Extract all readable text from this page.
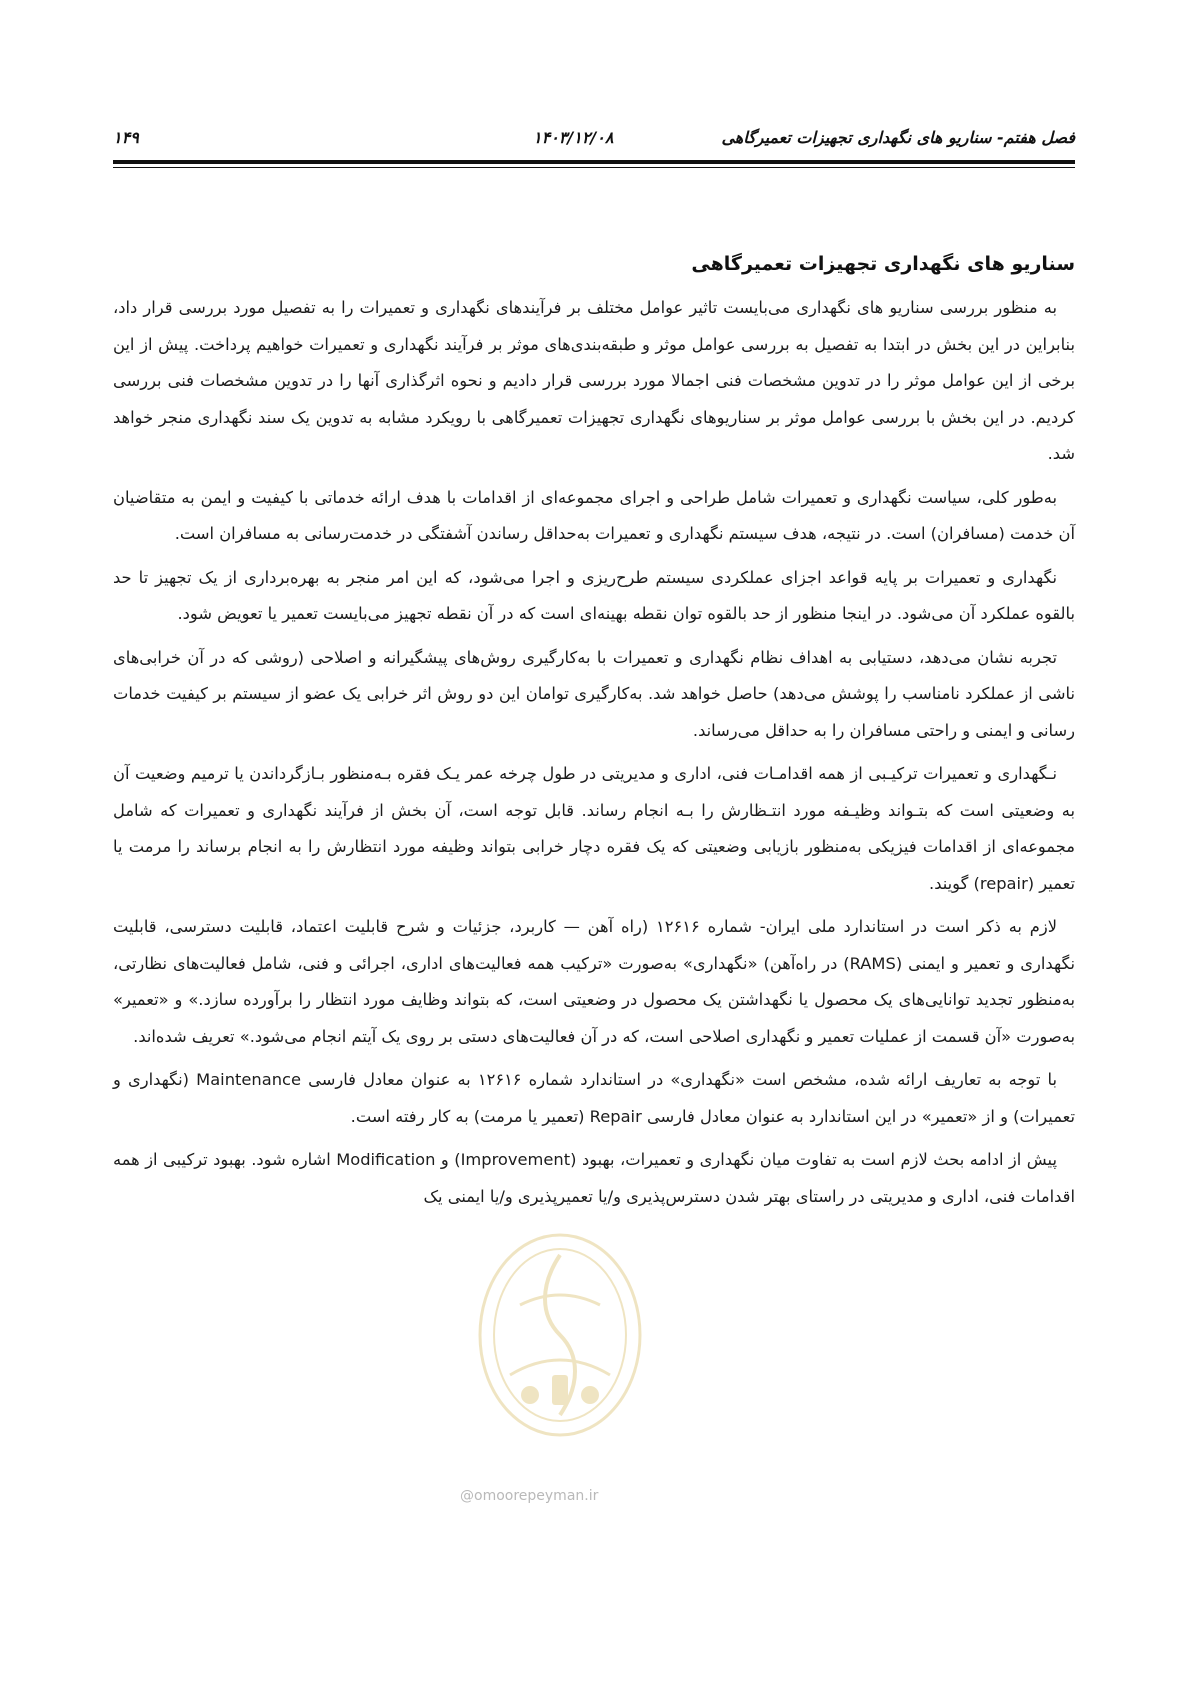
فصل هفتم- سناریو های نگهداری تجهیزات تعمیرگاهی
۱۴۰۳/۱۲/۰۸
۱۴۹
سناریو های نگهداری تجهیزات تعمیرگاهی

به منظور بررسی سناریو های نگهداری می‌بایست تاثیر عوامل مختلف بر فرآیندهای نگهداری و تعمیرات را به تفصیل مورد بررسی قرار داد، بنابراین در این بخش در ابتدا به تفصیل به بررسی عوامل موثر و طبقه‌بندی‌های موثر بر فرآیند نگهداری و تعمیرات خواهیم پرداخت. پیش از این برخی از این عوامل موثر را در تدوین مشخصات فنی اجمالا مورد بررسی قرار دادیم و نحوه اثرگذاری آنها را در تدوین مشخصات فنی بررسی کردیم. در این بخش با بررسی عوامل موثر بر سناریوهای نگهداری تجهیزات تعمیرگاهی با رویکرد مشابه به تدوین یک سند نگهداری منجر خواهد شد.

به‌طور کلی، سیاست نگهداری و تعمیرات شامل طراحی و اجرای مجموعه‌ای از اقدامات با هدف ارائه خدماتی با کیفیت و ایمن به متقاضیان آن خدمت (مسافران) است. در نتیجه، هدف سیستم نگهداری و تعمیرات به‌حداقل رساندن آشفتگی در خدمت‌رسانی به مسافران است.

نگهداری و تعمیرات بر پایه قواعد اجزای عملکردی سیستم طرح‌ریزی و اجرا می‌شود، که این امر منجر به بهره‌برداری از یک تجهیز تا حد بالقوه عملکرد آن می‌شود. در اینجا منظور از حد بالقوه توان نقطه بهینه‌ای است که در آن نقطه تجهیز می‌بایست تعمیر یا تعویض شود.

تجربه نشان می‌دهد، دستیابی به اهداف نظام نگهداری و تعمیرات با به‌کارگیری روش‌های پیشگیرانه و اصلاحی (روشی که در آن خرابی‌های ناشی از عملکرد نامناسب را پوشش می‌دهد) حاصل خواهد شد. به‌کارگیری توامان این دو روش اثر خرابی یک عضو از سیستم بر کیفیت خدمات رسانی و ایمنی و راحتی مسافران را به حداقل می‌رساند.

نـگهداری و تعمیرات ترکیـبی از همه اقدامـات فنی، اداری و مدیریتی در طول چرخه عمر یـک فقره بـه‌منظور بـازگرداندن یا ترمیم وضعیت آن به وضعیتی است که بتـواند وظیـفه مورد انتـظارش را بـه انجام رساند. قابل توجه است، آن بخش از فرآیند نگهداری و تعمیرات که شامل مجموعه‌ای از اقدامات فیزیکی به‌منظور بازیابی وضعیتی که یک فقره دچار خرابی بتواند وظیفه مورد انتظارش را به انجام برساند را مرمت یا تعمیر (repair) گویند.

لازم به ذکر است در استاندارد ملی ایران- شماره ۱۲۶۱۶ (راه آهن — کاربرد، جزئیات و شرح قابلیت اعتماد، قابلیت دسترسی، قابلیت نگهداری و تعمیر و ایمنی (RAMS) در راه‌آهن) «نگهداری» به‌صورت «ترکیب همه فعالیت‌های اداری، اجرائی و فنی، شامل فعالیت‌های نظارتی، به‌منظور تجدید توانایی‌های یک محصول یا نگهداشتن یک محصول در وضعیتی است، که بتواند وظایف مورد انتظار را برآورده سازد.» و «تعمیر» به‌صورت «آن قسمت از عملیات تعمیر و نگهداری اصلاحی است، که در آن فعالیت‌های دستی بر روی یک آیتم انجام می‌شود.» تعریف شده‌اند.

با توجه به تعاریف ارائه شده، مشخص است «نگهداری» در استاندارد شماره ۱۲۶۱۶ به عنوان معادل فارسی Maintenance (نگهداری و تعمیرات) و از «تعمیر» در این استاندارد به عنوان معادل فارسی Repair (تعمیر یا مرمت) به کار رفته است.

پیش از ادامه بحث لازم است به تفاوت میان نگهداری و تعمیرات، بهبود (Improvement) و Modification اشاره شود. بهبود ترکیبی از همه اقدامات فنی، اداری و مدیریتی در راستای بهتر شدن دسترس‌پذیری و/یا تعمیرپذیری و/یا ایمنی یک

@omoorepeyman.ir
